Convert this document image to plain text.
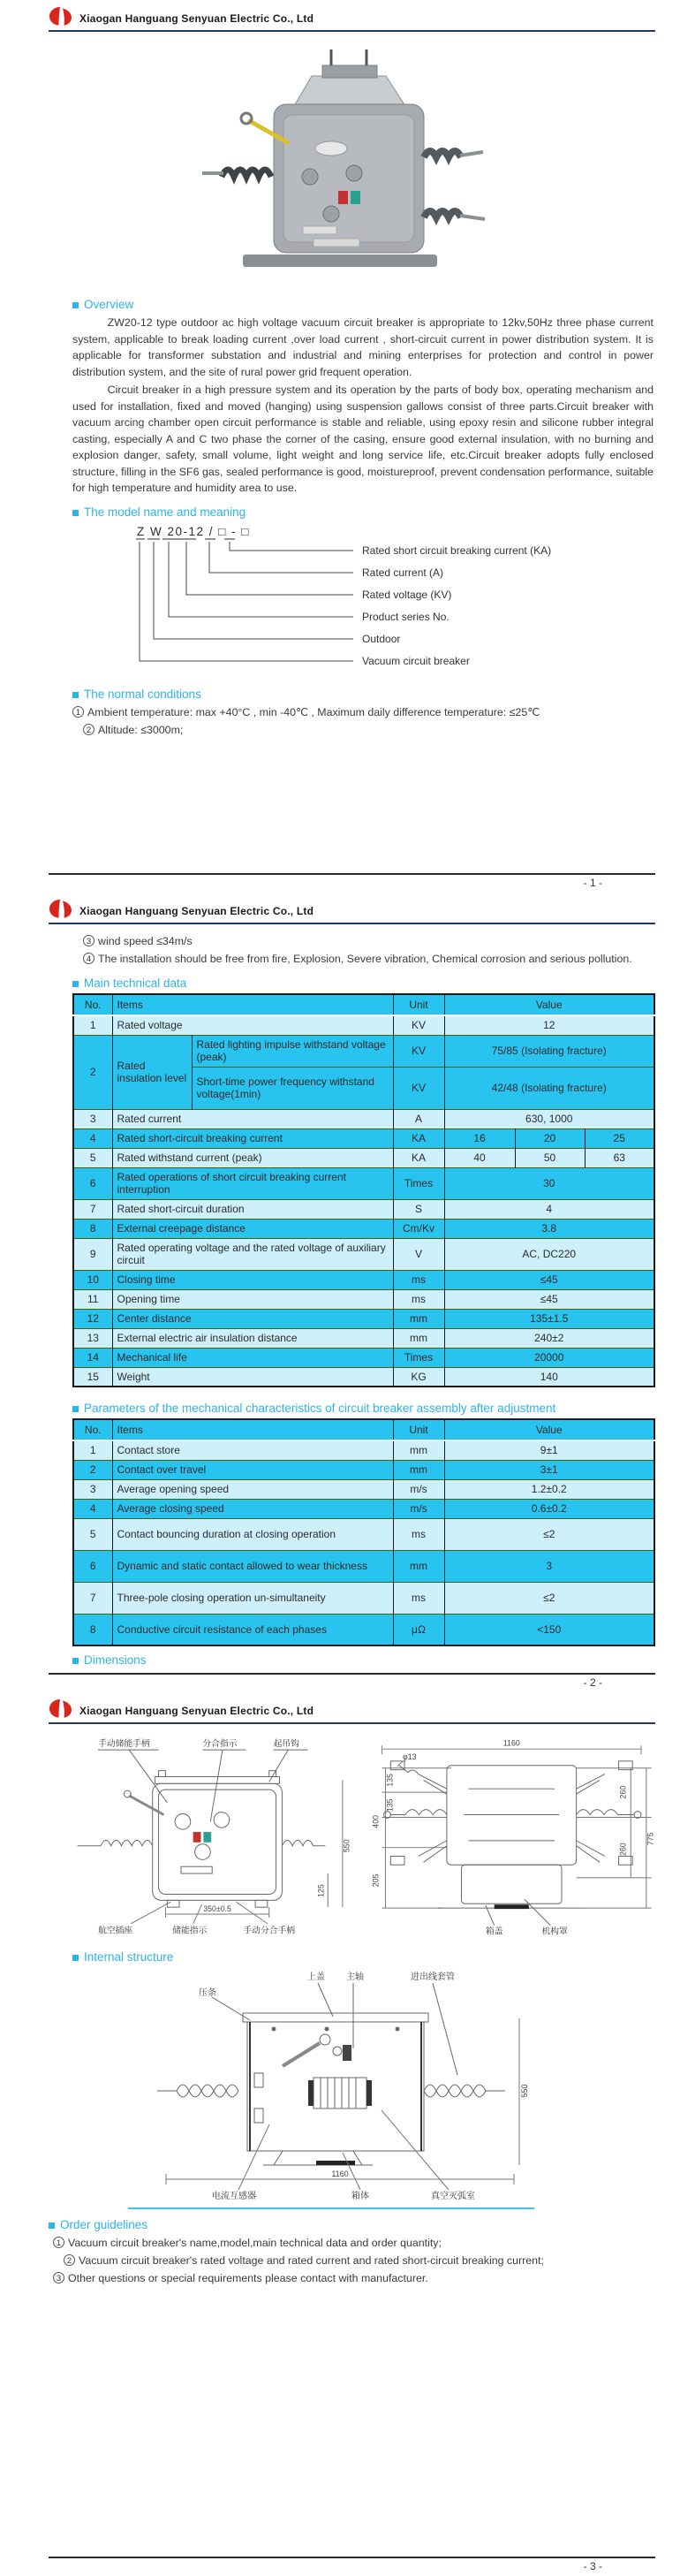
Xiaogan Hanguang Senyuan Electric Co., Ltd
Overview

ZW20-12 type outdoor ac high voltage vacuum circuit breaker is appropriate to 12kv,50Hz three phase current system, applicable to break loading current ,over load current , short-circuit current in power distribution system. It is applicable for transformer substation and industrial and mining enterprises for protection and control in power distribution system, and the site of rural power grid frequent operation.

Circuit breaker in a high pressure system and its operation by the parts of body box, operating mechanism and used for installation, fixed and moved (hanging) using suspension gallows consist of three parts.Circuit breaker with vacuum arcing chamber open circuit performance is stable and reliable, using epoxy resin and silicone rubber integral casting, especially A and C two phase the corner of the casing, ensure good external insulation, with no burning and explosion danger, safety, small volume, light weight and long service life, etc.Circuit breaker adopts fully enclosed structure, filling in the SF6 gas, sealed performance is good, moistureproof, prevent condensation performance, suitable for high temperature and humidity area to use.

The model name and meaning
Z W 20-12 / □ - □
Rated short circuit breaking current (KA)
Rated current (A)
Rated voltage (KV)
Product series No.
Outdoor
Vacuum circuit breaker
The normal conditions

1 Ambient temperature: max +40°C , min -40℃ , Maximum daily difference temperature: ≤25℃

2 Altitude: ≤3000m;

- 1 -
Xiaogan Hanguang Senyuan Electric Co., Ltd

3 wind speed ≤34m/s

4 The installation should be free from fire, Explosion, Severe vibration, Chemical corrosion and serious pollution.

Main technical data
No.	Items		Unit	Value		
1	Rated voltage		KV	12		
2	Rated insulation level	Rated lighting impulse withstand voltage (peak)	KV	75/85 (Isolating fracture)		
		Short-time power frequency withstand voltage(1min)	KV	42/48 (Isolating fracture)		
3	Rated current		A	630, 1000		
4	Rated short-circuit breaking current		KA	16	20	25
5	Rated withstand current (peak)		KA	40	50	63
6	Rated operations of short circuit breaking current interruption		Times	30		
7	Rated short-circuit duration		S	4		
8	External creepage distance		Cm/Kv	3.8		
9	Rated operating voltage and the rated voltage of auxiliary circuit		V	AC, DC220		
10	Closing time		ms	≤45		
11	Opening time		ms	≤45		
12	Center distance		mm	135±1.5		
13	External electric air insulation distance		mm	240±2		
14	Mechanical life		Times	20000		
15	Weight		KG	140		
Parameters of the mechanical characteristics of circuit breaker assembly after adjustment
No.	Items	Unit	Value
1	Contact store	mm	9±1
2	Contact over travel	mm	3±1
3	Average opening speed	m/s	1.2±0.2
4	Average closing speed	m/s	0.6±0.2
5	Contact bouncing duration at closing operation	ms	≤2
6	Dynamic and static contact allowed to wear thickness	mm	3
7	Three-pole closing operation un-simultaneity	ms	≤2
8	Conductive circuit resistance of each phases	μΩ	<150
Dimensions
- 2 -
Xiaogan Hanguang Senyuan Electric Co., Ltd
手动储能手柄	分合指示	起吊钩
550
125
350±0.5
航空插座	储能指示	手动分合手柄
1160
φ13
135
135
400
205
260
260
775
箱盖	机构罩
Internal structure
压条
上盖 主轴	进出线套管
550
1160
电流互感器	箱体	真空灭弧室
Order guidelines

1 Vacuum circuit breaker's name,model,main technical data and order quantity;

2 Vacuum circuit breaker's rated voltage and rated current and rated short-circuit breaking current;

3 Other questions or special requirements please contact with manufacturer.

- 3 -
